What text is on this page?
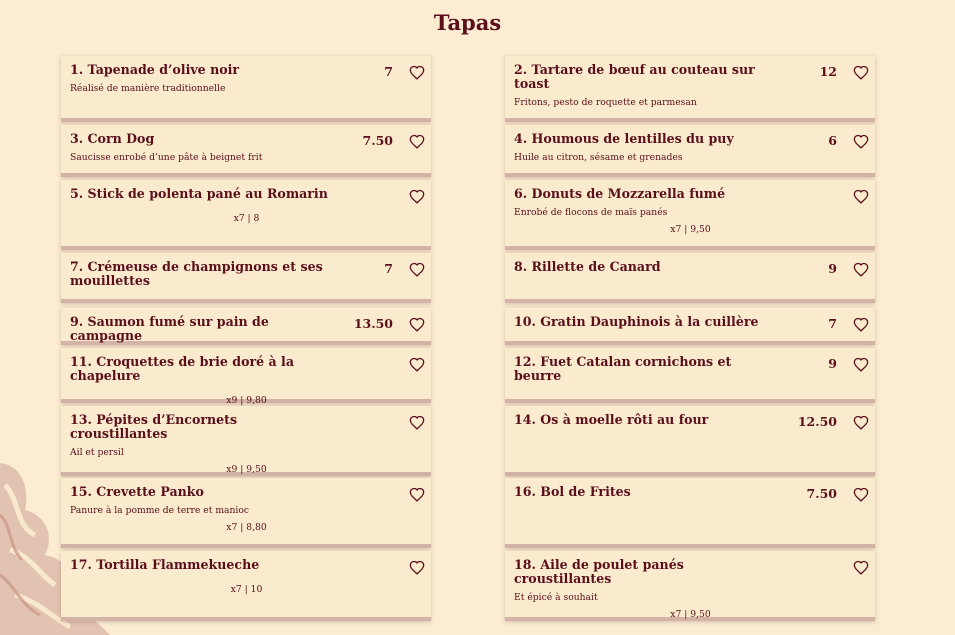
Tapas
1. Tapenade d’olive noir	7
Réalisé de manière traditionnelle
2. Tartare de bœuf au couteau sur toast
12
Fritons, pesto de roquette et parmesan
3. Corn Dog	7.50
Saucisse enrobé d’une pâte à beignet frit
4. Houmous de lentilles du puy	6
Huile au citron, sésame et grenades
5. Stick de polenta pané au Romarin
x7 | 8
6. Donuts de Mozzarella fumé
Enrobé de flocons de maïs panés
x7 | 9,50
7. Crémeuse de champignons et ses mouillettes
7	8. Rillette de Canard	9
9. Saumon fumé sur pain de campagne
13.50	10. Gratin Dauphinois à la cuillère	7
11. Croquettes de brie doré à la chapelure
x9 | 9,80
12. Fuet Catalan cornichons et beurre
9
13. Pépites d’Encornets croustillantes
Ail et persil
x9 | 9,50
14. Os à moelle rôti au four	12.50
15. Crevette Panko
Panure à la pomme de terre et manioc
x7 | 8,80
16. Bol de Frites	7.50
17. Tortilla Flammekueche
x7 | 10
18. Aile de poulet panés croustillantes
Et épicé à souhait
x7 | 9,50
